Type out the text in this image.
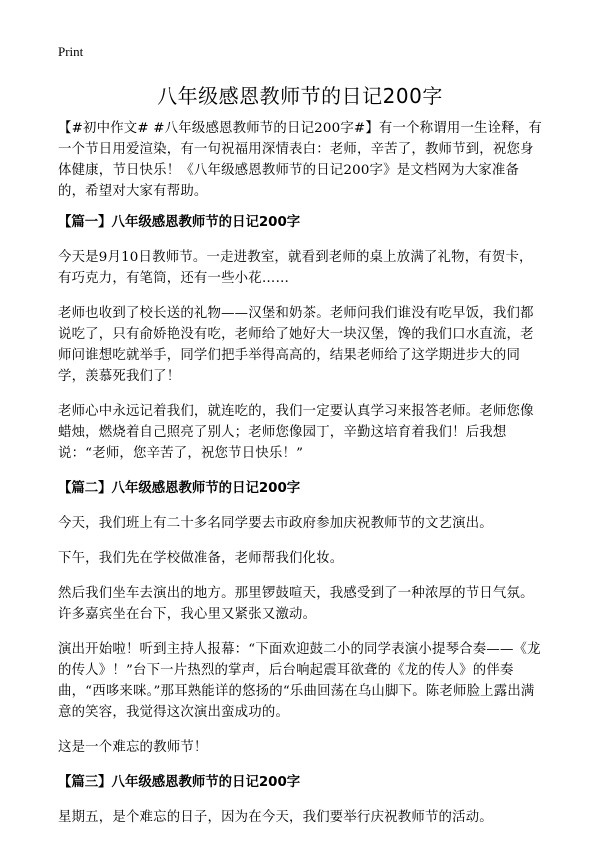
Print
八年级感恩教师节的日记200字

【#初中作文# #八年级感恩教师节的日记200字#】有一个称谓用一生诠释，有一个节日用爱渲染，有一句祝福用深情表白：老师，辛苦了，教师节到，祝您身体健康，节日快乐！《八年级感恩教师节的日记200字》是文档网为大家准备的，希望对大家有帮助。

【篇一】八年级感恩教师节的日记200字

今天是9月10日教师节。一走进教室，就看到老师的桌上放满了礼物，有贺卡，有巧克力，有笔筒，还有一些小花……

老师也收到了校长送的礼物——汉堡和奶茶。老师问我们谁没有吃早饭，我们都说吃了，只有俞娇艳没有吃，老师给了她好大一块汉堡，馋的我们口水直流，老师问谁想吃就举手，同学们把手举得高高的，结果老师给了这学期进步大的同学，羡慕死我们了！

老师心中永远记着我们，就连吃的，我们一定要认真学习来报答老师。老师您像蜡烛，燃烧着自己照亮了别人；老师您像园丁，辛勤这培育着我们！后我想说：“老师，您辛苦了，祝您节日快乐！”

【篇二】八年级感恩教师节的日记200字

今天，我们班上有二十多名同学要去市政府参加庆祝教师节的文艺演出。

下午，我们先在学校做准备，老师帮我们化妆。

然后我们坐车去演出的地方。那里锣鼓喧天，我感受到了一种浓厚的节日气氛。许多嘉宾坐在台下，我心里又紧张又激动。

演出开始啦！听到主持人报幕：“下面欢迎鼓二小的同学表演小提琴合奏——《龙的传人》！”台下一片热烈的掌声，后台响起震耳欲聋的《龙的传人》的伴奏曲，“西哆来咪。”那耳熟能详的悠扬的“乐曲回荡在乌山脚下。陈老师脸上露出满意的笑容，我觉得这次演出蛮成功的。

这是一个难忘的教师节！

【篇三】八年级感恩教师节的日记200字

星期五，是个难忘的日子，因为在今天，我们要举行庆祝教师节的活动。
